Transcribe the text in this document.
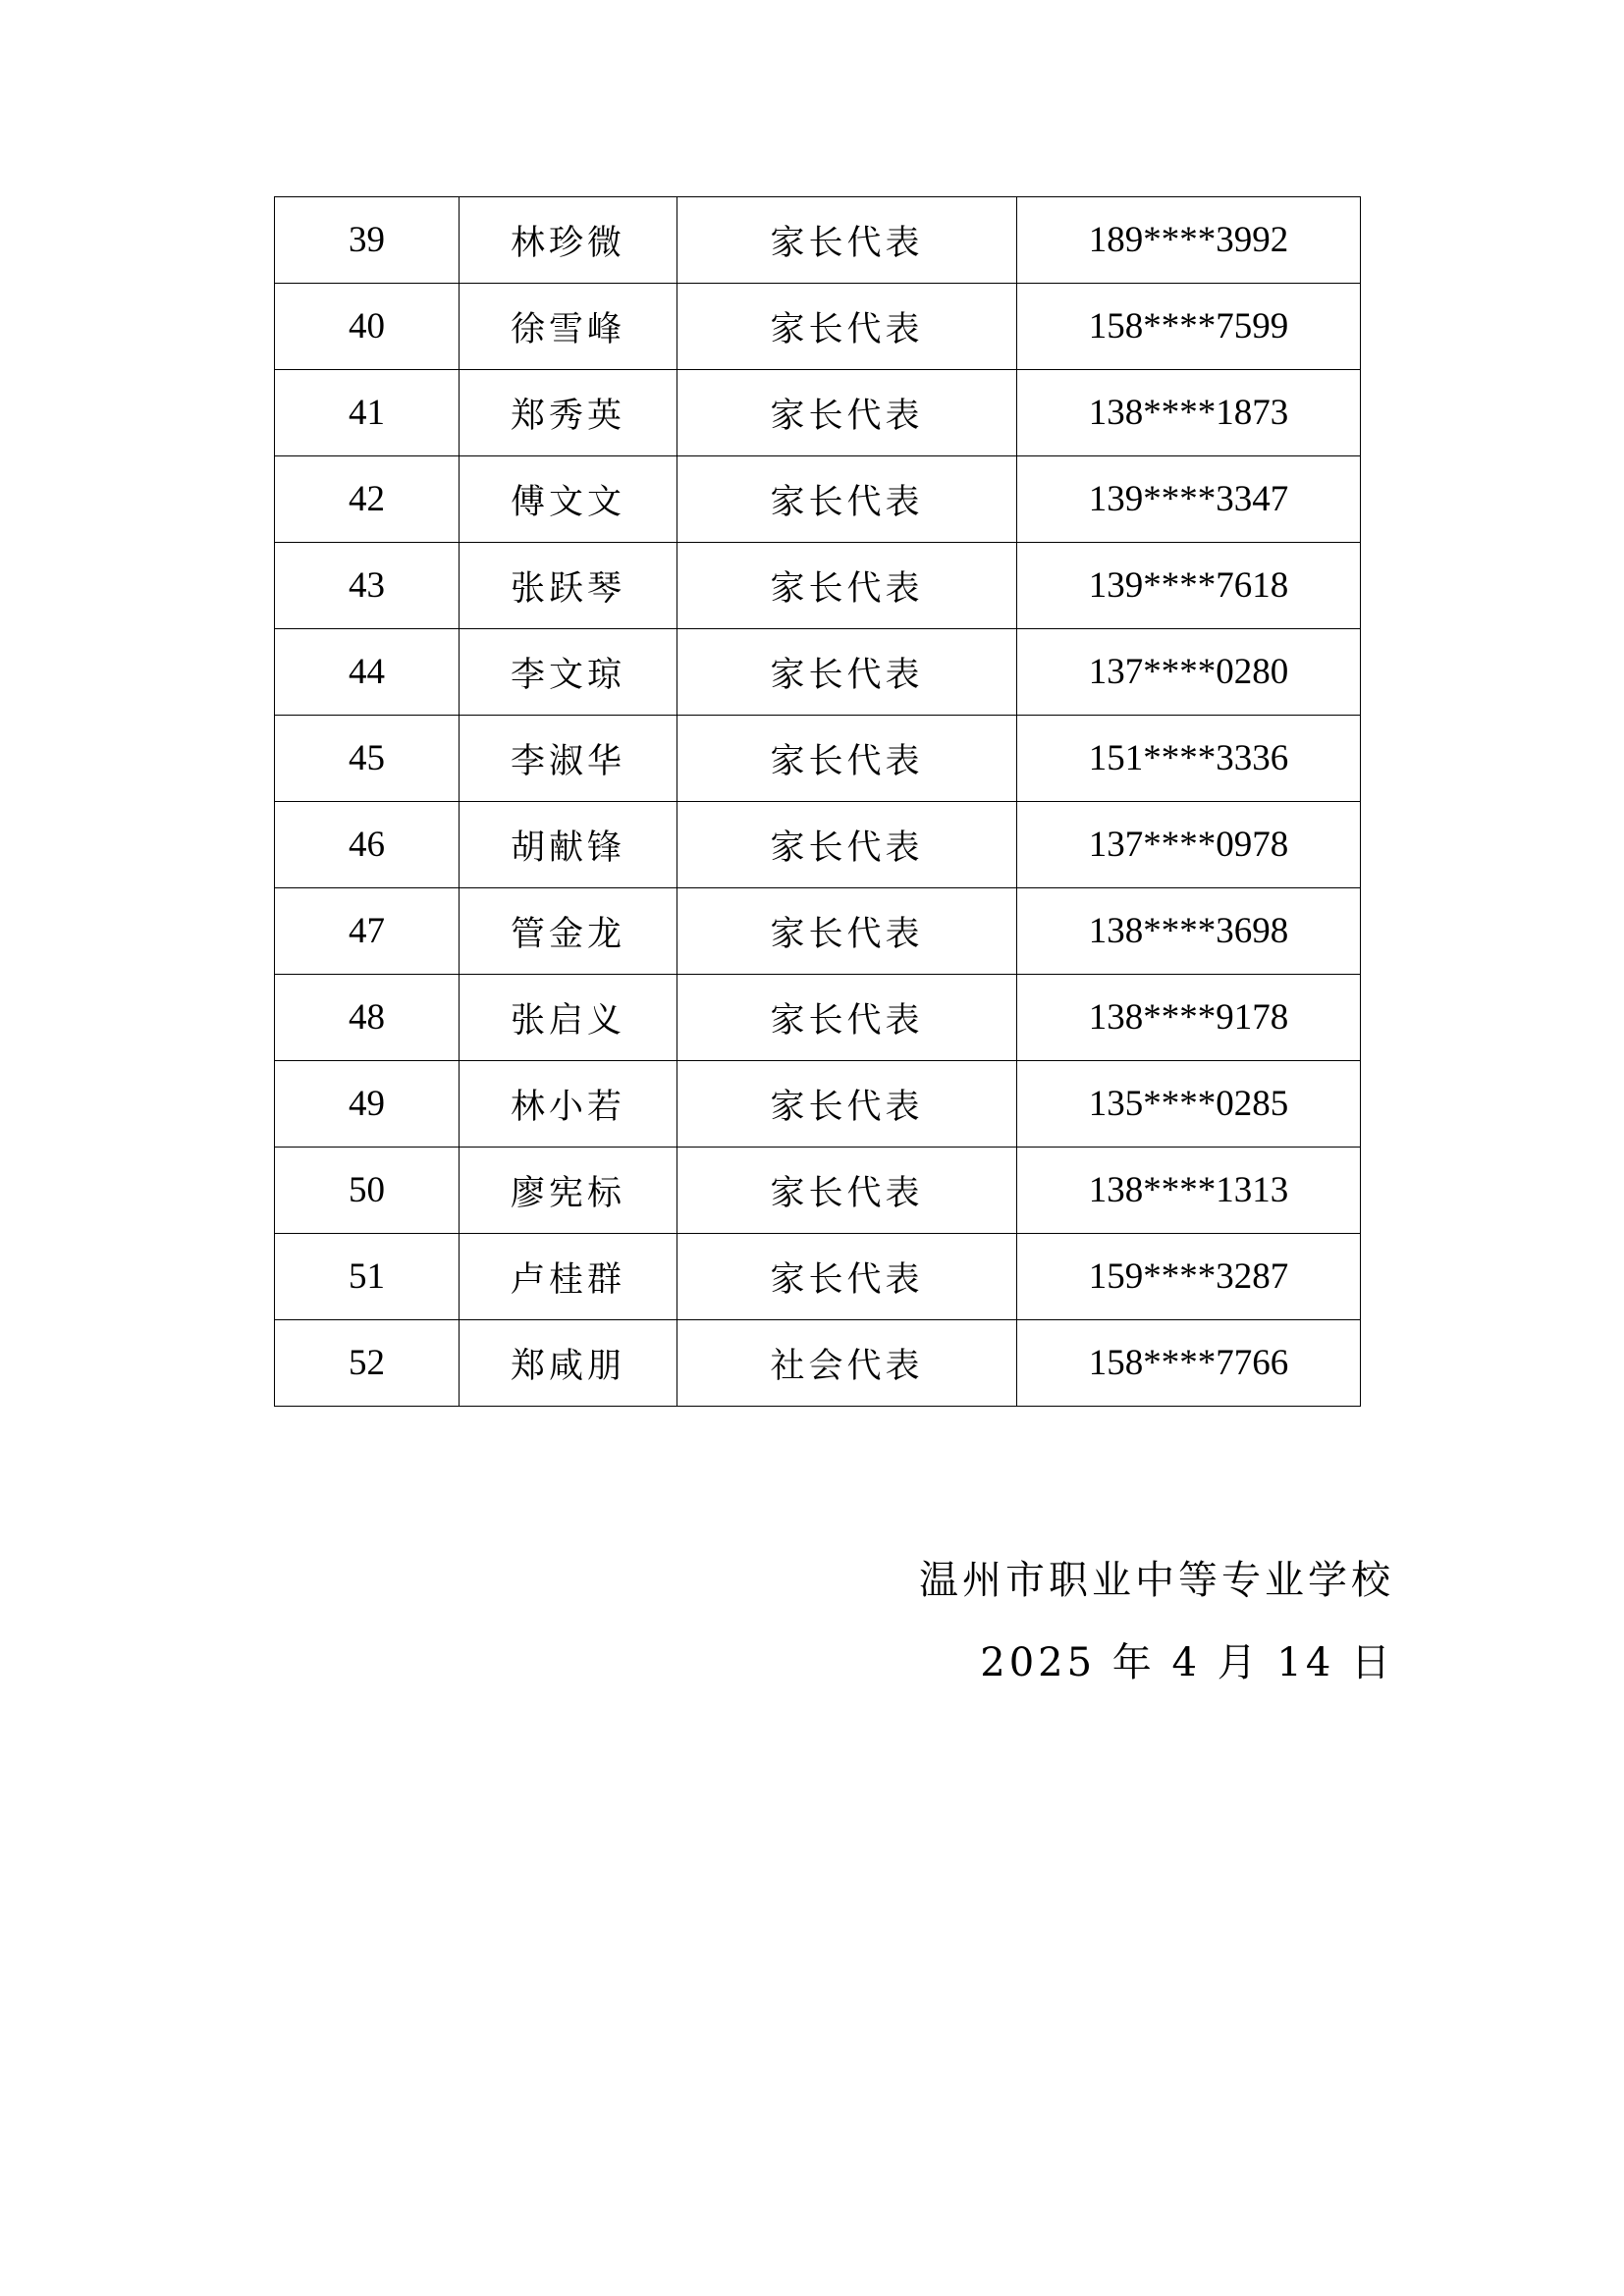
39	林珍微	家长代表	189****3992
40	徐雪峰	家长代表	158****7599
41	郑秀英	家长代表	138****1873
42	傅文文	家长代表	139****3347
43	张跃琴	家长代表	139****7618
44	李文琼	家长代表	137****0280
45	李淑华	家长代表	151****3336
46	胡献锋	家长代表	137****0978
47	管金龙	家长代表	138****3698
48	张启义	家长代表	138****9178
49	林小若	家长代表	135****0285
50	廖宪标	家长代表	138****1313
51	卢桂群	家长代表	159****3287
52	郑咸朋	社会代表	158****7766
温州市职业中等专业学校
2025 年 4 月 14 日
